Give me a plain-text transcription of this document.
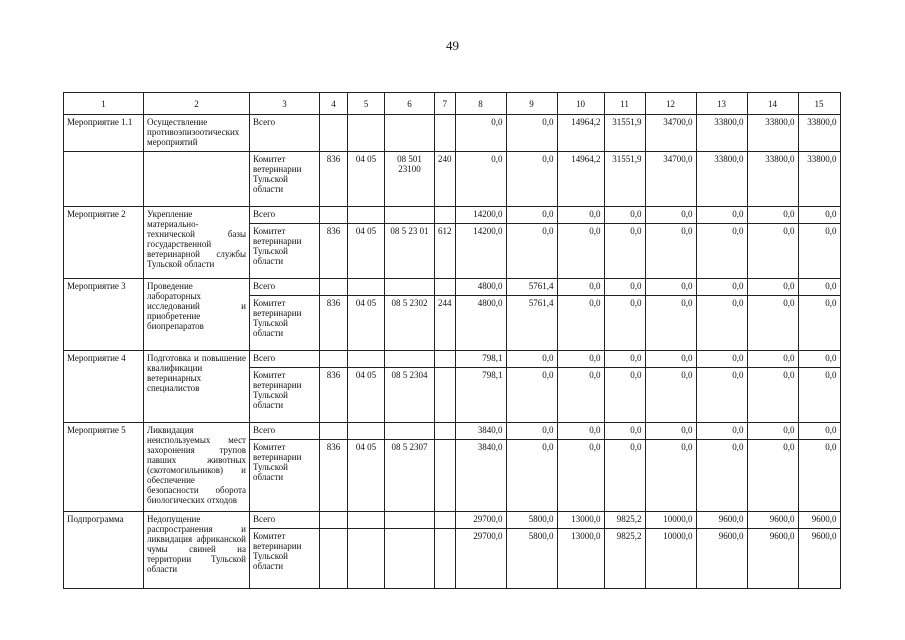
49
1	2	3	4	5	6	7	8	9	10	11	12	13	14	15
Мероприятие 1.1	Осуществление противоэпизоотических мероприятий	Всего					0,0	0,0	14964,2	31551,9	34700,0	33800,0	33800,0	33800,0
		Комитет ветеринарии Тульской области	836	04 05	08 501 23100	240	0,0	0,0	14964,2	31551,9	34700,0	33800,0	33800,0	33800,0
Мероприятие 2	Укрепление материально-технической базы государственной ветеринарной службы Тульской области	Всего					14200,0	0,0	0,0	0,0	0,0	0,0	0,0	0,0
		Комитет ветеринарии Тульской области	836	04 05	08 5 23 01	612	14200,0	0,0	0,0	0,0	0,0	0,0	0,0	0,0
Мероприятие 3	Проведение лабораторных исследований и приобретение биопрепаратов	Всего					4800,0	5761,4	0,0	0,0	0,0	0,0	0,0	0,0
		Комитет ветеринарии Тульской области	836	04 05	08 5 2302	244	4800,0	5761,4	0,0	0,0	0,0	0,0	0,0	0,0
Мероприятие 4	Подготовка и повышение квалификации ветеринарных специалистов	Всего					798,1	0,0	0,0	0,0	0,0	0,0	0,0	0,0
		Комитет ветеринарии Тульской области	836	04 05	08 5 2304		798,1	0,0	0,0	0,0	0,0	0,0	0,0	0,0
Мероприятие 5	Ликвидация неиспользуемых мест захоронения трупов павших животных (скотомогильников) и обеспечение безопасности оборота биологических отходов	Всего					3840,0	0,0	0,0	0,0	0,0	0,0	0,0	0,0
		Комитет ветеринарии Тульской области	836	04 05	08 5 2307		3840,0	0,0	0,0	0,0	0,0	0,0	0,0	0,0
Подпрограмма	Недопущение распространения и ликвидация африканской чумы свиней на территории Тульской области	Всего					29700,0	5800,0	13000,0	9825,2	10000,0	9600,0	9600,0	9600,0
		Комитет ветеринарии Тульской области					29700,0	5800,0	13000,0	9825,2	10000,0	9600,0	9600,0	9600,0
